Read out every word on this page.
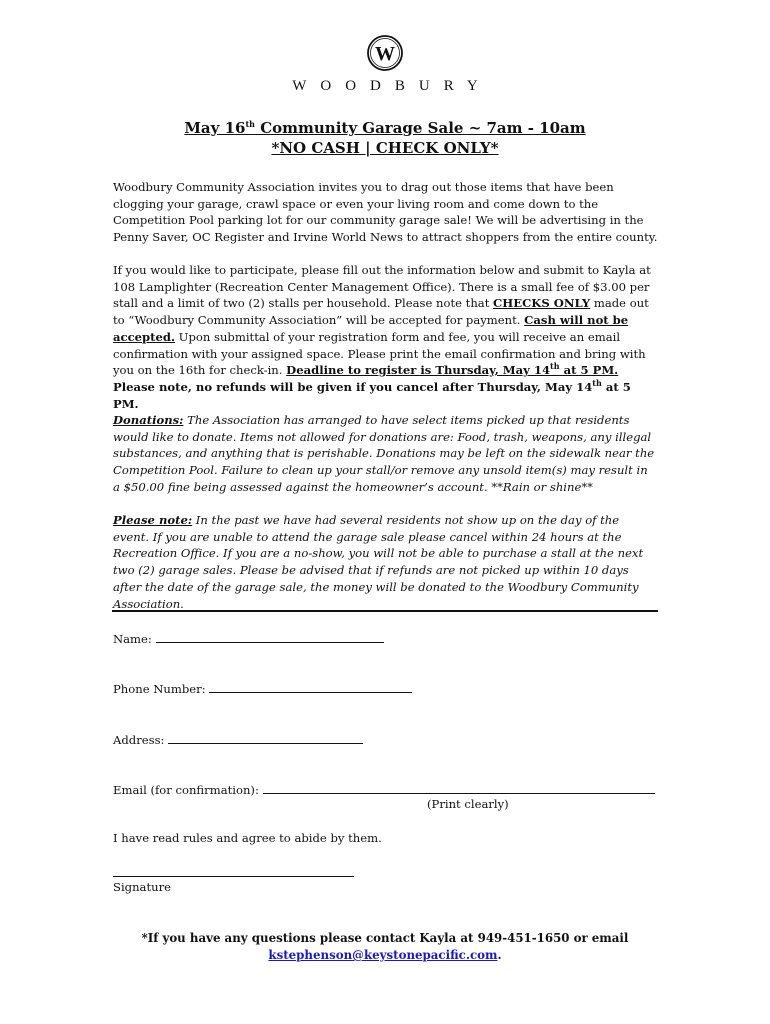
W
WOODBURY
May 16th Community Garage Sale ~ 7am - 10am
*NO CASH | CHECK ONLY*
Woodbury Community Association invites you to drag out those items that have been clogging your garage, crawl space or even your living room and come down to the Competition Pool parking lot for our community garage sale! We will be advertising in the Penny Saver, OC Register and Irvine World News to attract shoppers from the entire county.
If you would like to participate, please fill out the information below and submit to Kayla at 108 Lamplighter (Recreation Center Management Office). There is a small fee of $3.00 per stall and a limit of two (2) stalls per household. Please note that CHECKS ONLY made out to “Woodbury Community Association” will be accepted for payment. Cash will not be accepted. Upon submittal of your registration form and fee, you will receive an email confirmation with your assigned space. Please print the email confirmation and bring with you on the 16th for check-in. Deadline to register is Thursday, May 14th at 5 PM. Please note, no refunds will be given if you cancel after Thursday, May 14th at 5 PM.
Donations: The Association has arranged to have select items picked up that residents would like to donate. Items not allowed for donations are: Food, trash, weapons, any illegal substances, and anything that is perishable. Donations may be left on the sidewalk near the Competition Pool. Failure to clean up your stall/or remove any unsold item(s) may result in a $50.00 fine being assessed against the homeowner’s account. **Rain or shine**
Please note: In the past we have had several residents not show up on the day of the event. If you are unable to attend the garage sale please cancel within 24 hours at the Recreation Office. If you are a no-show, you will not be able to purchase a stall at the next two (2) garage sales. Please be advised that if refunds are not picked up within 10 days after the date of the garage sale, the money will be donated to the Woodbury Community Association.
Name:
Phone Number:
Address:
Email (for confirmation):
(Print clearly)
I have read rules and agree to abide by them.
Signature
*If you have any questions please contact Kayla at 949-451-1650 or email
kstephenson@keystonepacific.com.
